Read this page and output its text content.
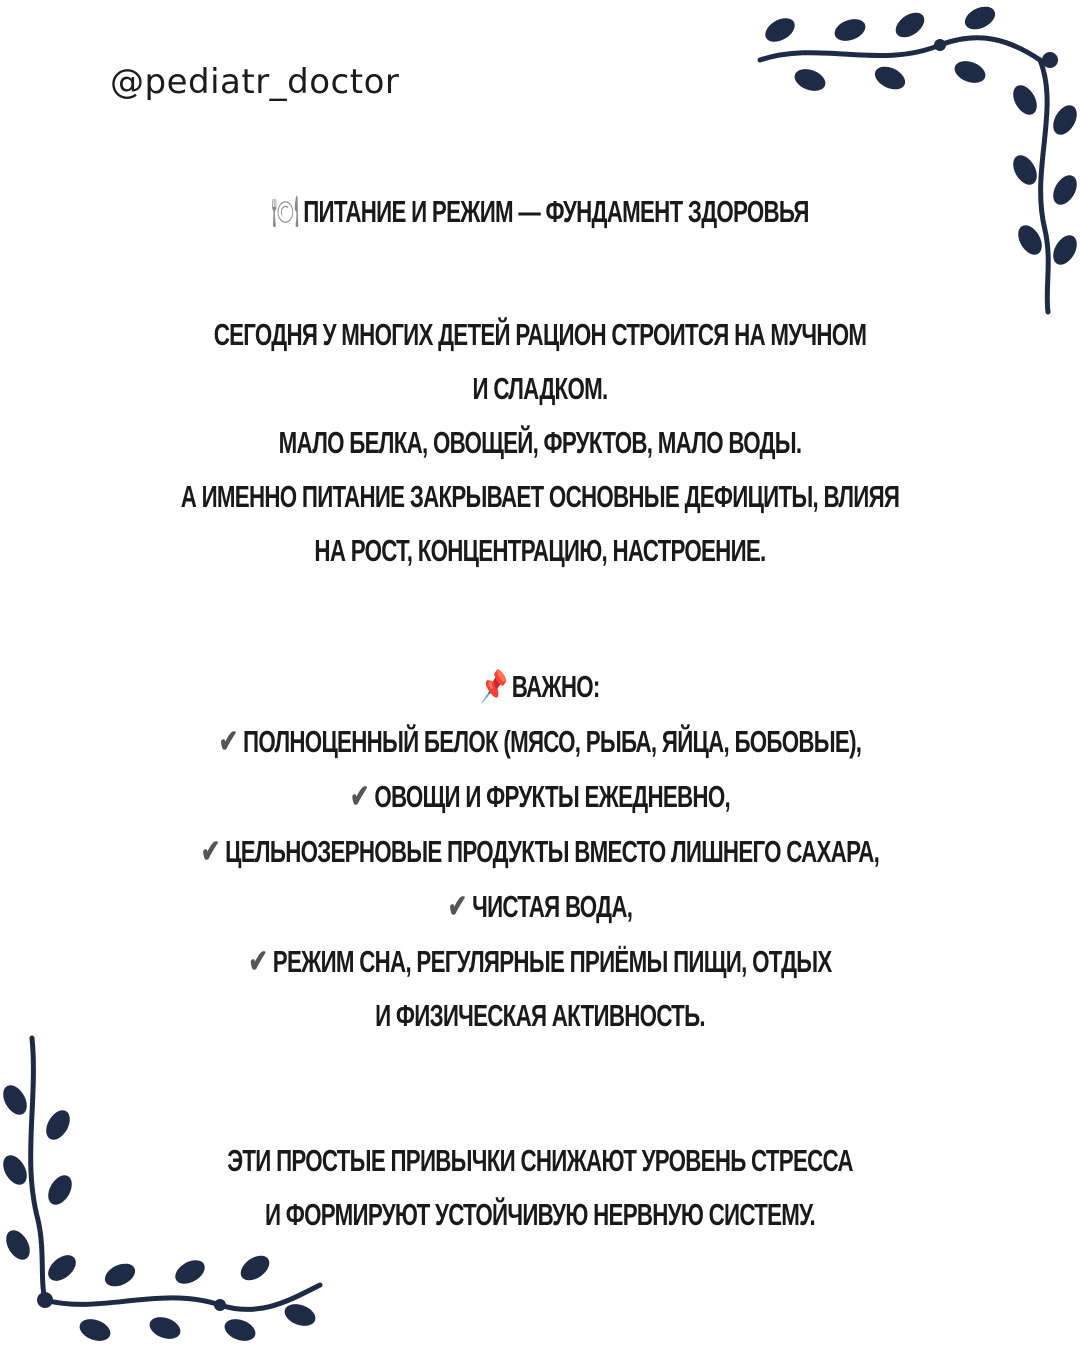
@pediatr_doctor
🍽 ПИТАНИЕ И РЕЖИМ — ФУНДАМЕНТ ЗДОРОВЬЯ
СЕГОДНЯ У МНОГИХ ДЕТЕЙ РАЦИОН СТРОИТСЯ НА МУЧНОМ
И СЛАДКОМ.
МАЛО БЕЛКА, ОВОЩЕЙ, ФРУКТОВ, МАЛО ВОДЫ.
А ИМЕННО ПИТАНИЕ ЗАКРЫВАЕТ ОСНОВНЫЕ ДЕФИЦИТЫ, ВЛИЯЯ
НА РОСТ, КОНЦЕНТРАЦИЮ, НАСТРОЕНИЕ.
📌 ВАЖНО:
✔ ПОЛНОЦЕННЫЙ БЕЛОК (МЯСО, РЫБА, ЯЙЦА, БОБОВЫЕ),
✔ ОВОЩИ И ФРУКТЫ ЕЖЕДНЕВНО,
✔ ЦЕЛЬНОЗЕРНОВЫЕ ПРОДУКТЫ ВМЕСТО ЛИШНЕГО САХАРА,
✔ ЧИСТАЯ ВОДА,
✔ РЕЖИМ СНА, РЕГУЛЯРНЫЕ ПРИЁМЫ ПИЩИ, ОТДЫХ
И ФИЗИЧЕСКАЯ АКТИВНОСТЬ.
ЭТИ ПРОСТЫЕ ПРИВЫЧКИ СНИЖАЮТ УРОВЕНЬ СТРЕССА
И ФОРМИРУЮТ УСТОЙЧИВУЮ НЕРВНУЮ СИСТЕМУ.
